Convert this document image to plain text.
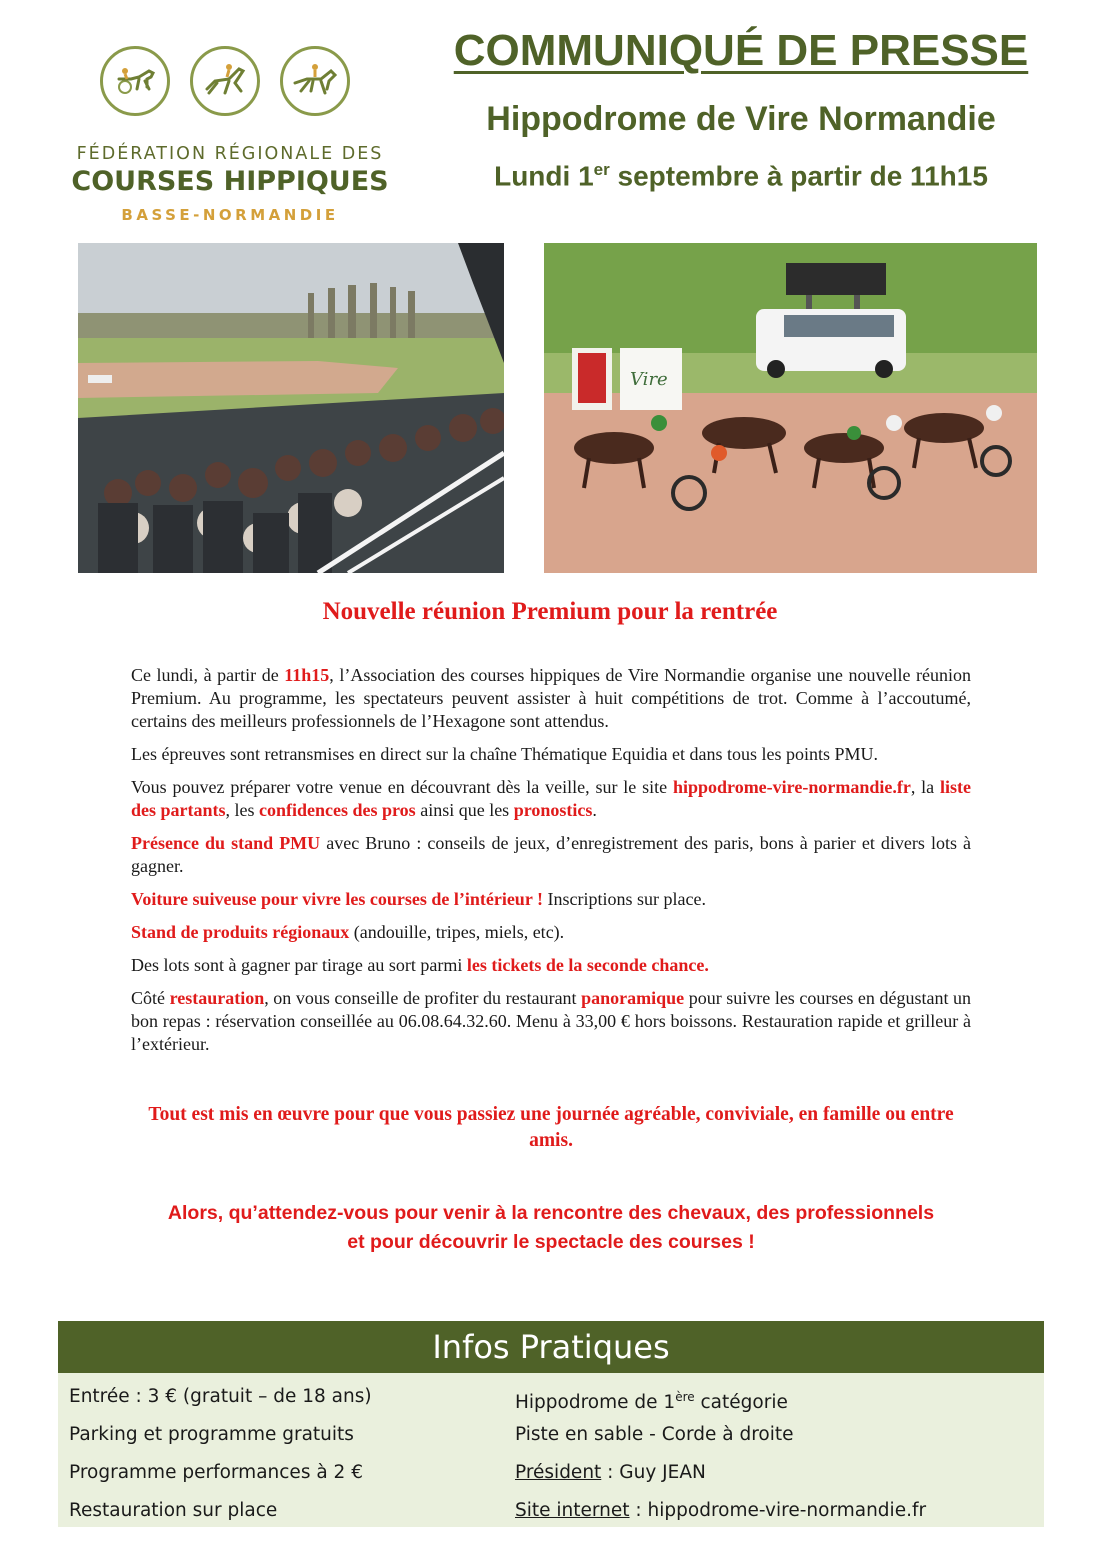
FÉDÉRATION RÉGIONALE DES
COURSES HIPPIQUES
BASSE-NORMANDIE
COMMUNIQUÉ DE PRESSE
Hippodrome de Vire Normandie
Lundi 1er septembre à partir de 11h15
Vire
Nouvelle réunion Premium pour la rentrée

Ce lundi, à partir de 11h15, l’Association des courses hippiques de Vire Normandie organise une nouvelle réunion Premium. Au programme, les spectateurs peuvent assister à huit compétitions de trot. Comme à l’accoutumé, certains des meilleurs professionnels de l’Hexagone sont attendus.

Les épreuves sont retransmises en direct sur la chaîne Thématique Equidia et dans tous les points PMU.

Vous pouvez préparer votre venue en découvrant dès la veille, sur le site hippodrome-vire-normandie.fr, la liste des partants, les confidences des pros ainsi que les pronostics.

Présence du stand PMU avec Bruno : conseils de jeux, d’enregistrement des paris, bons à parier et divers lots à gagner.

Voiture suiveuse pour vivre les courses de l’intérieur ! Inscriptions sur place.

Stand de produits régionaux (andouille, tripes, miels, etc).

Des lots sont à gagner par tirage au sort parmi les tickets de la seconde chance.

Côté restauration, on vous conseille de profiter du restaurant panoramique pour suivre les courses en dégustant un bon repas : réservation conseillée au 06.08.64.32.60. Menu à 33,00 € hors boissons. Restauration rapide et grilleur à l’extérieur.

Tout est mis en œuvre pour que vous passiez une journée agréable, conviviale, en famille ou entre amis.
Alors, qu’attendez-vous pour venir à la rencontre des chevaux, des professionnels
et pour découvrir le spectacle des courses !
Infos Pratiques
Entrée : 3 € (gratuit – de 18 ans)
Parking et programme gratuits
Programme performances à 2 €
Restauration sur place
Hippodrome de 1ère catégorie
Piste en sable - Corde à droite
Président : Guy JEAN
Site internet : hippodrome-vire-normandie.fr
